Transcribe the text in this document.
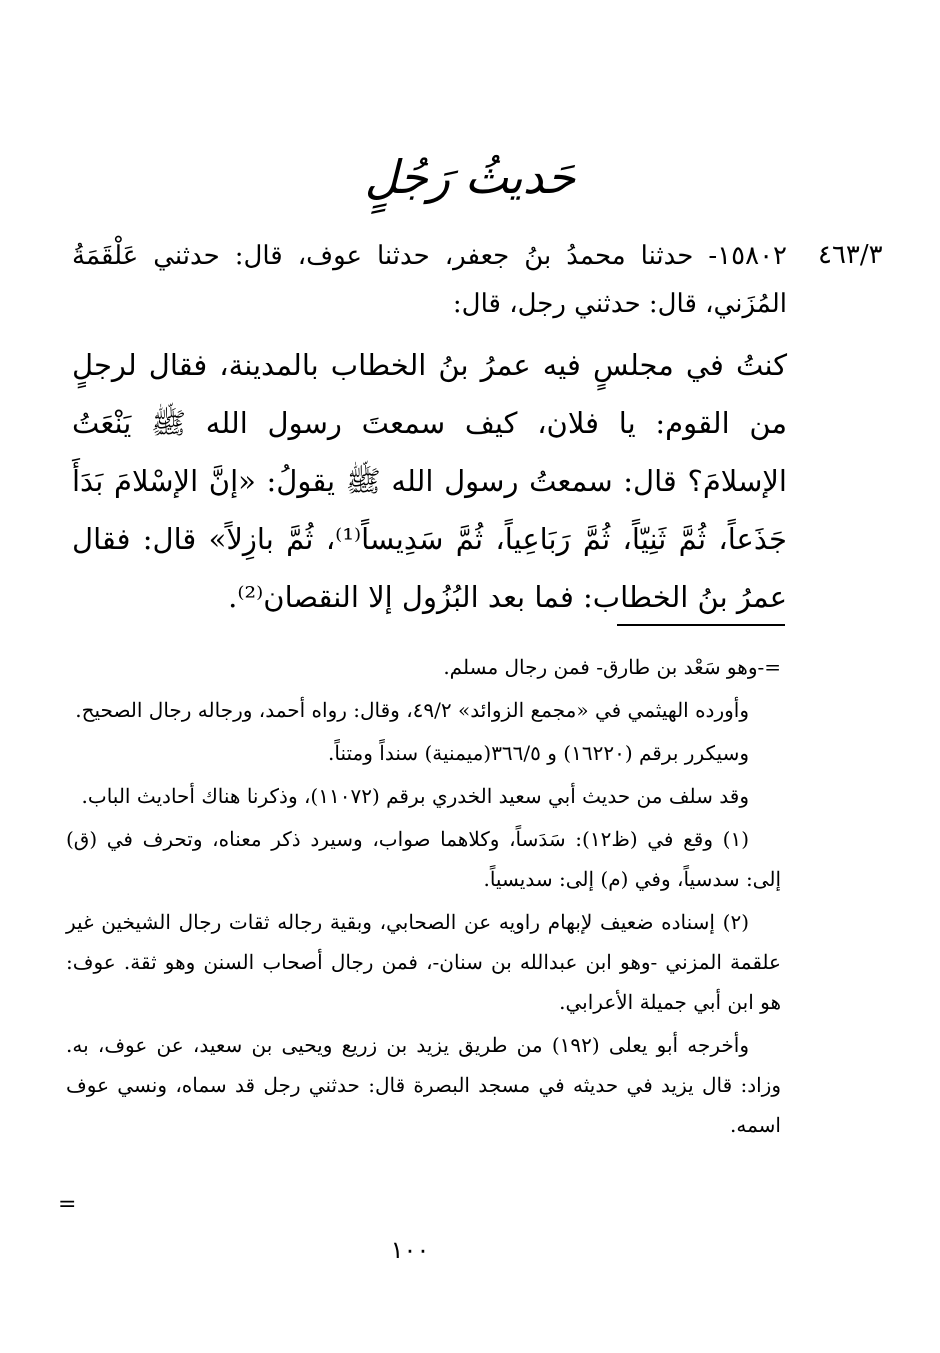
حَديثُ رَجُلٍ
٤٦٣/٣
١٥٨٠٢- حدثنا محمدُ بنُ جعفر، حدثنا عوف، قال: حدثني عَلْقَمَةُ المُزَني، قال: حدثني رجل، قال:
كنتُ في مجلسٍ فيه عمرُ بنُ الخطاب بالمدينة، فقال لرجلٍ من القوم: يا فلان، كيف سمعتَ رسول الله ﷺ يَنْعَتُ الإسلامَ؟ قال: سمعتُ رسول الله ﷺ يقولُ: «إنَّ الإسْلامَ بَدَأَ جَذَعاً، ثُمَّ ثَنِيّاً، ثُمَّ رَبَاعِياً، ثُمَّ سَدِيساً⁽¹⁾، ثُمَّ بازِلاً» قال: فقال عمرُ بنُ الخطاب: فما بعد البُزُول إلا النقصان⁽²⁾.

=-وهو سَعْد بن طارق- فمن رجال مسلم.

وأورده الهيثمي في «مجمع الزوائد» ٤٩/٢، وقال: رواه أحمد، ورجاله رجال الصحيح.

وسيكرر برقم (١٦٢٢٠) و ٣٦٦/٥(ميمنية) سنداً ومتناً.

وقد سلف من حديث أبي سعيد الخدري برقم (١١٠٧٢)، وذكرنا هناك أحاديث الباب.

(١) وقع في (ظ١٢): سَدَساً، وكلاهما صواب، وسيرد ذكر معناه، وتحرف في (ق) إلى: سدسياً، وفي (م) إلى: سديسياً.

(٢) إسناده ضعيف لإبهام راويه عن الصحابي، وبقية رجاله ثقات رجال الشيخين غير علقمة المزني -وهو ابن عبدالله بن سنان-، فمن رجال أصحاب السنن وهو ثقة. عوف: هو ابن أبي جميلة الأعرابي.

وأخرجه أبو يعلى (١٩٢) من طريق يزيد بن زريع ويحيى بن سعيد، عن عوف، به. وزاد: قال يزيد في حديثه في مسجد البصرة قال: حدثني رجل قد سماه، ونسي عوف اسمه.

=
١٠٠
